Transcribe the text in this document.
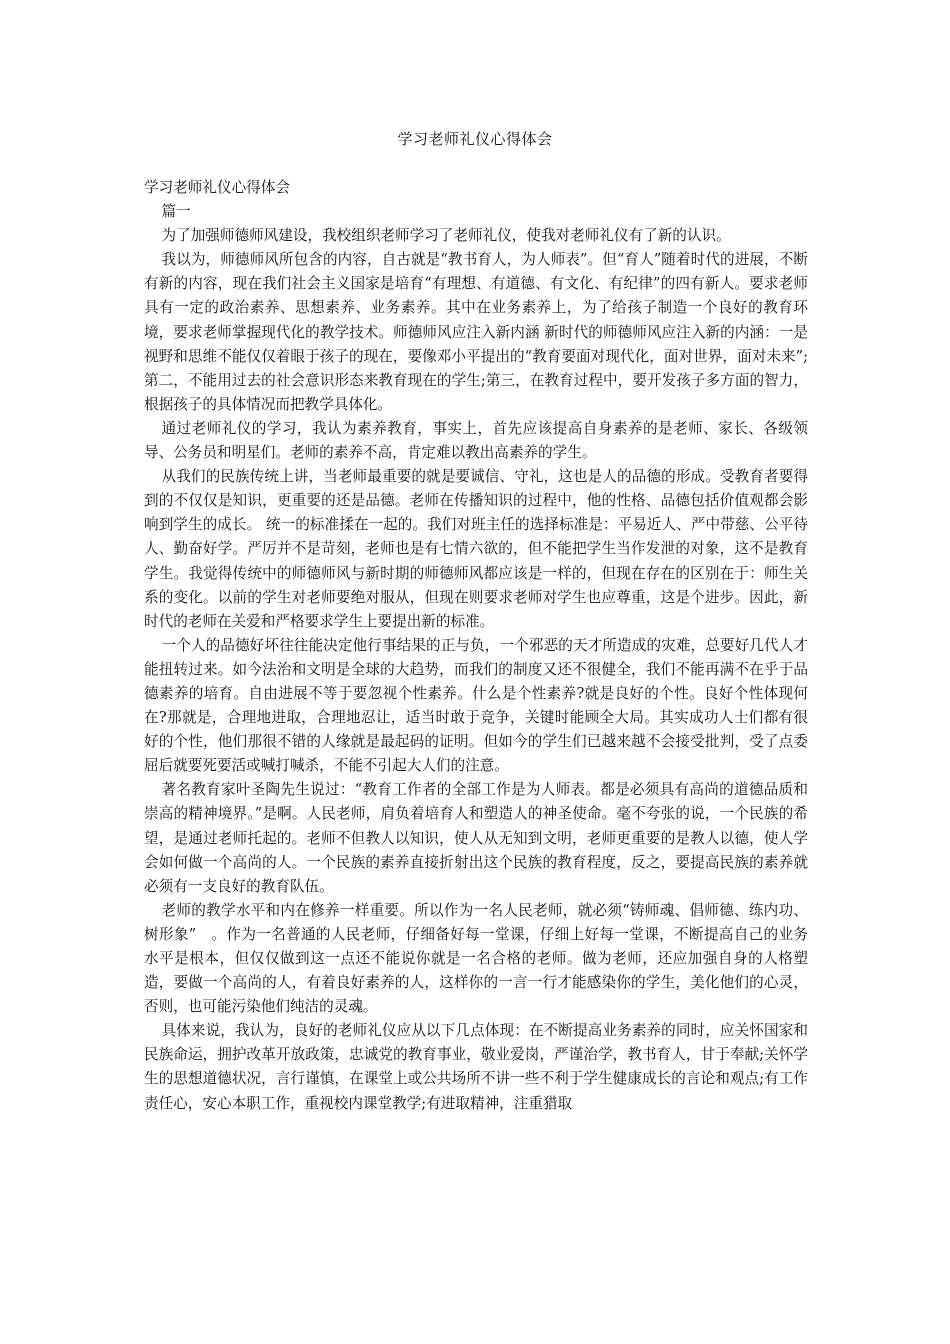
学习老师礼仪心得体会

学习老师礼仪心得体会

篇一

为了加强师德师风建设，我校组织老师学习了老师礼仪，使我对老师礼仪有了新的认识。

我以为，师德师风所包含的内容，自古就是“教书育人，为人师表”。但“育人”随着时代的进展，不断有新的内容，现在我们社会主义国家是培育“有理想、有道德、有文化、有纪律”的四有新人。要求老师具有一定的政治素养、思想素养、业务素养。其中在业务素养上，为了给孩子制造一个良好的教育环境，要求老师掌握现代化的教学技术。师德师风应注入新内涵 新时代的师德师风应注入新的内涵：一是视野和思维不能仅仅着眼于孩子的现在，要像邓小平提出的“教育要面对现代化，面对世界，面对未来”;第二，不能用过去的社会意识形态来教育现在的学生;第三，在教育过程中，要开发孩子多方面的智力，根据孩子的具体情况而把教学具体化。

通过老师礼仪的学习，我认为素养教育，事实上，首先应该提高自身素养的是老师、家长、各级领导、公务员和明星们。老师的素养不高，肯定难以教出高素养的学生。

从我们的民族传统上讲，当老师最重要的就是要诚信、守礼，这也是人的品德的形成。受教育者要得到的不仅仅是知识，更重要的还是品德。老师在传播知识的过程中，他的性格、品德包括价值观都会影响到学生的成长。 统一的标准揉在一起的。我们对班主任的选择标准是：平易近人、严中带慈、公平待人、勤奋好学。严厉并不是苛刻，老师也是有七情六欲的，但不能把学生当作发泄的对象，这不是教育学生。我觉得传统中的师德师风与新时期的师德师风都应该是一样的，但现在存在的区别在于：师生关系的变化。以前的学生对老师要绝对服从，但现在则要求老师对学生也应尊重，这是个进步。因此，新时代的老师在关爱和严格要求学生上要提出新的标准。

一个人的品德好坏往往能决定他行事结果的正与负，一个邪恶的天才所造成的灾难，总要好几代人才能扭转过来。如今法治和文明是全球的大趋势，而我们的制度又还不很健全，我们不能再满不在乎于品德素养的培育。自由进展不等于要忽视个性素养。什么是个性素养?就是良好的个性。良好个性体现何在?那就是，合理地进取，合理地忍让，适当时敢于竞争，关键时能顾全大局。其实成功人士们都有很好的个性，他们那很不错的人缘就是最起码的证明。但如今的学生们已越来越不会接受批判，受了点委屈后就要死要活或喊打喊杀，不能不引起大人们的注意。

著名教育家叶圣陶先生说过：“教育工作者的全部工作是为人师表。都是必须具有高尚的道德品质和崇高的精神境界。”是啊。人民老师，肩负着培育人和塑造人的神圣使命。毫不夸张的说，一个民族的希望，是通过老师托起的。老师不但教人以知识，使人从无知到文明，老师更重要的是教人以德，使人学会如何做一个高尚的人。一个民族的素养直接折射出这个民族的教育程度，反之，要提高民族的素养就必须有一支良好的教育队伍。

老师的教学水平和内在修养一样重要。所以作为一名人民老师，就必须“铸师魂、倡师德、练内功、树形象”　。作为一名普通的人民老师，仔细备好每一堂课，仔细上好每一堂课，不断提高自己的业务水平是根本，但仅仅做到这一点还不能说你就是一名合格的老师。做为老师，还应加强自身的人格塑造，要做一个高尚的人，有着良好素养的人，这样你的一言一行才能感染你的学生，美化他们的心灵，否则，也可能污染他们纯洁的灵魂。

具体来说，我认为，良好的老师礼仪应从以下几点体现：在不断提高业务素养的同时，应关怀国家和民族命运，拥护改革开放政策，忠诚党的教育事业，敬业爱岗，严谨治学，教书育人，甘于奉献;关怀学生的思想道德状况，言行谨慎，在课堂上或公共场所不讲一些不利于学生健康成长的言论和观点;有工作责任心，安心本职工作，重视校内课堂教学;有进取精神，注重猎取
